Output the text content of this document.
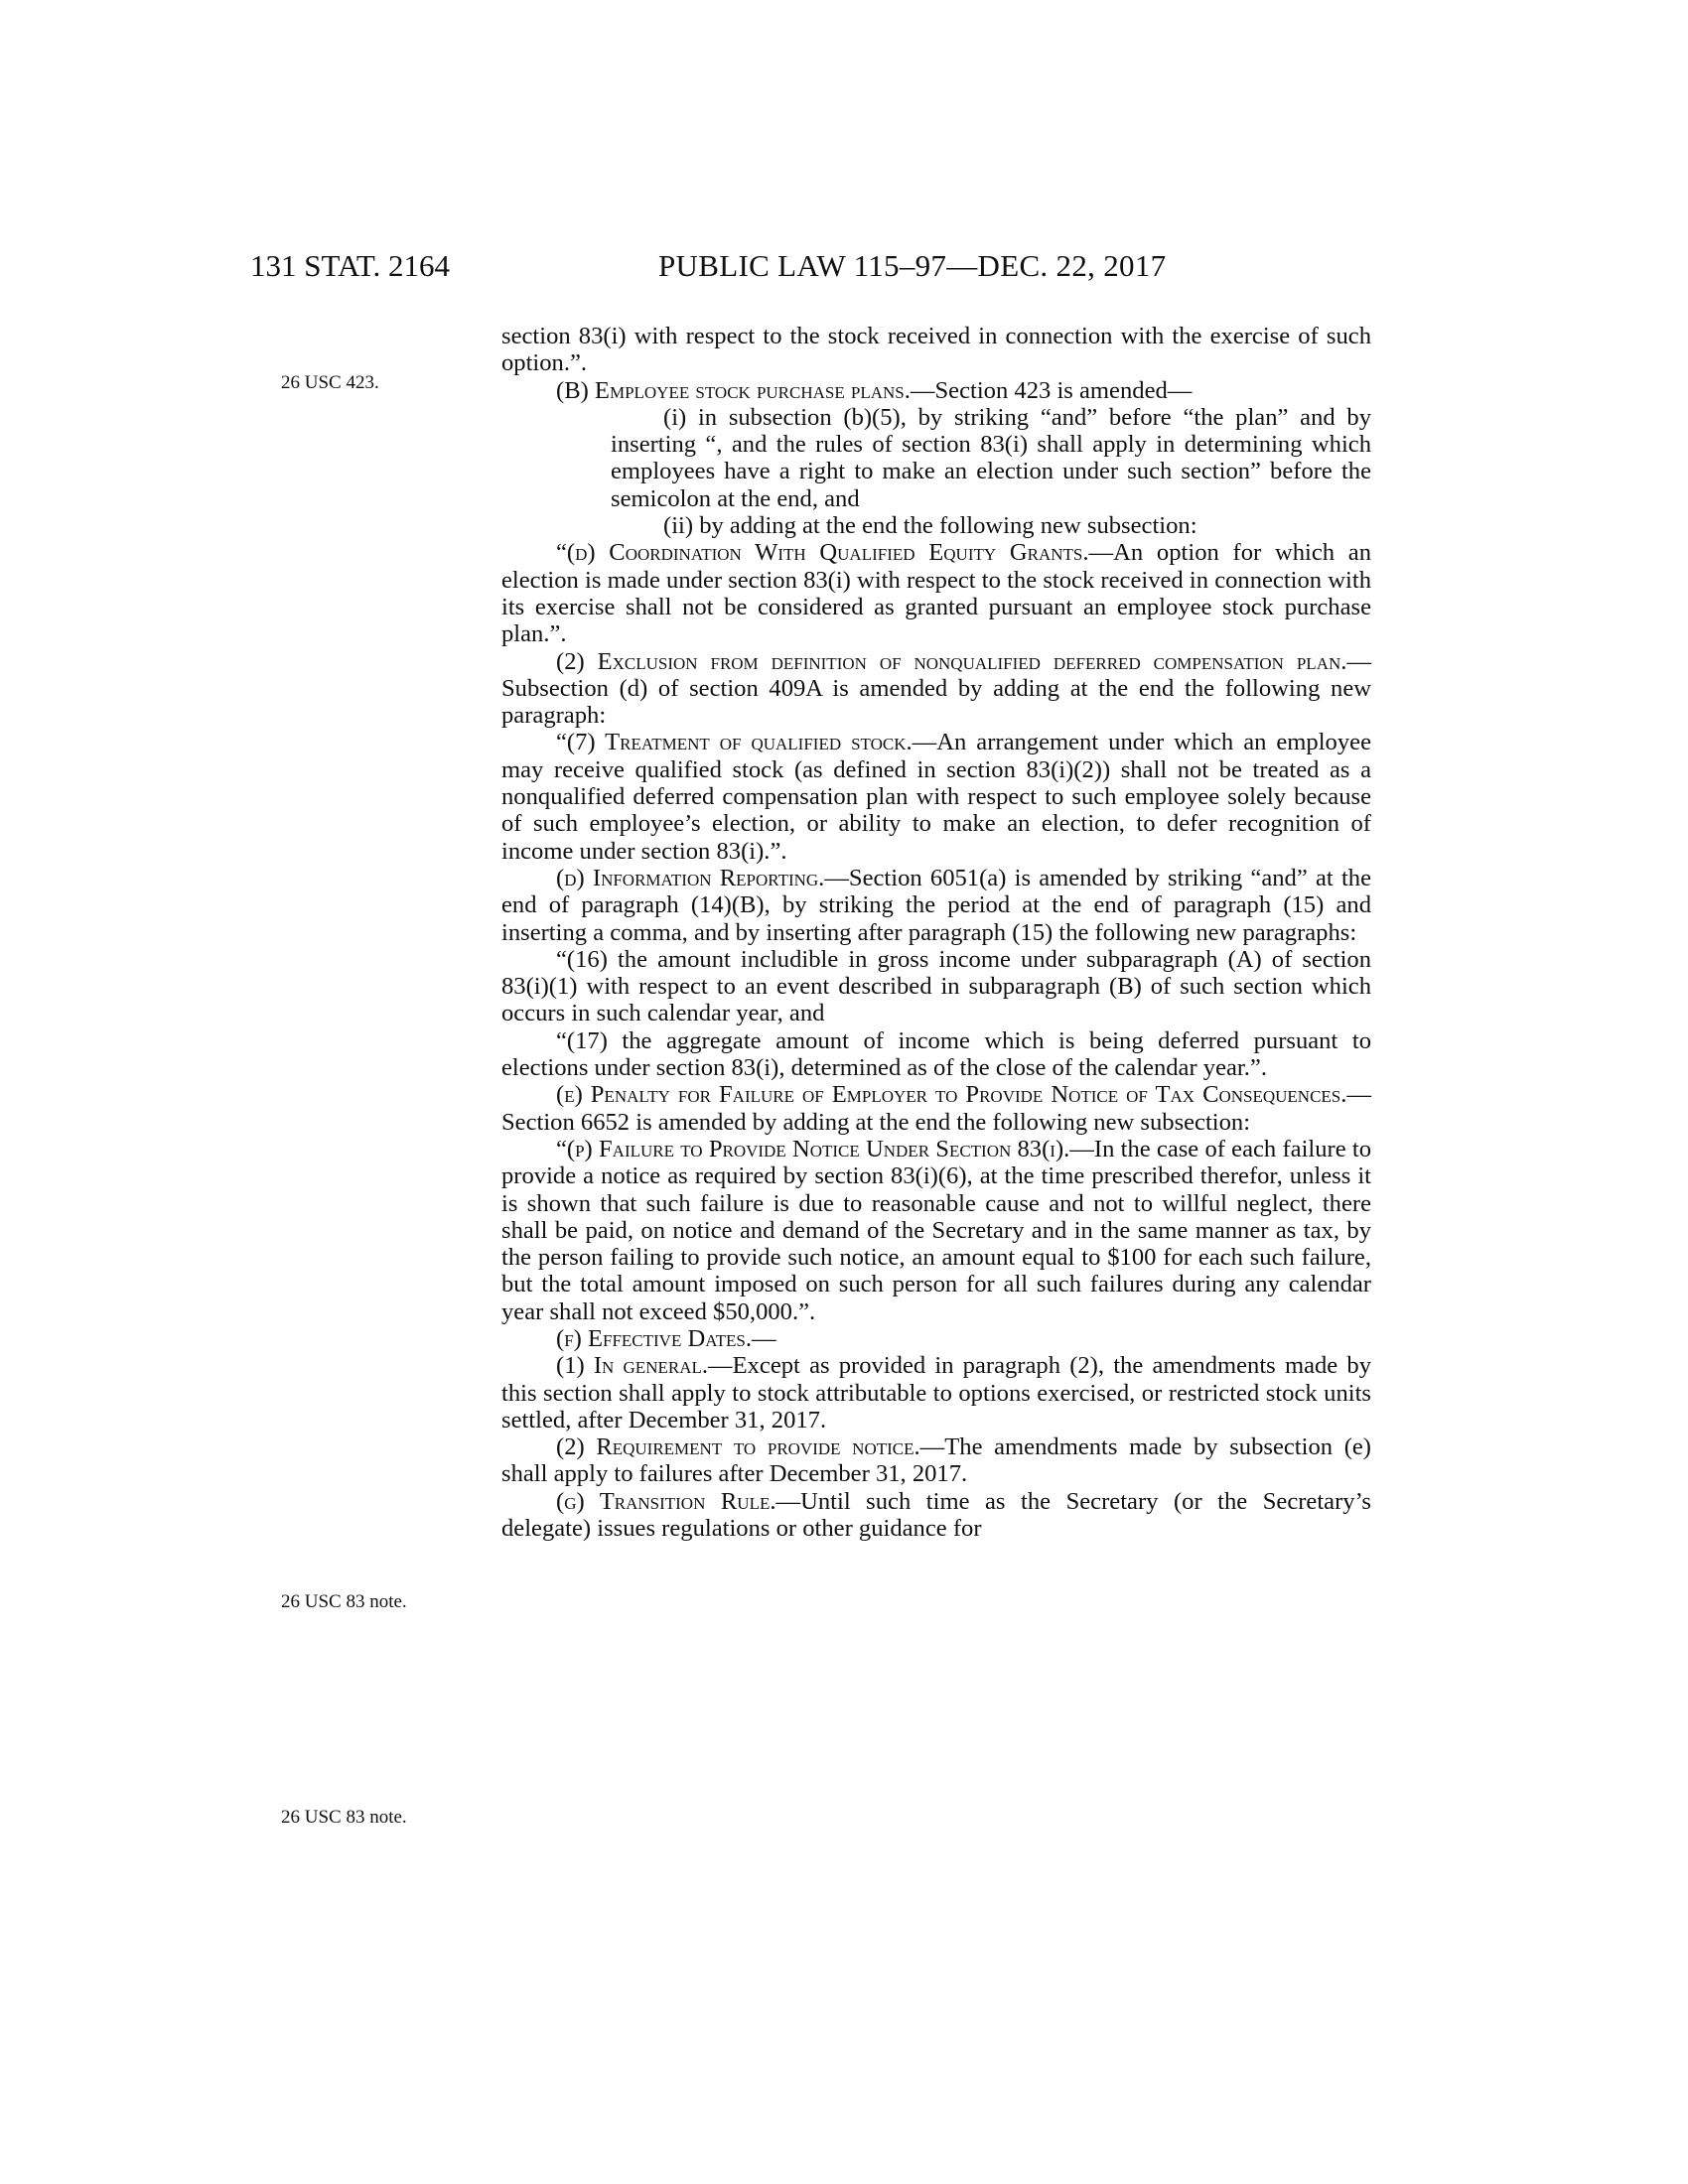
131 STAT. 2164	PUBLIC LAW 115–97—DEC. 22, 2017
26 USC 423.
26 USC 83 note.
26 USC 83 note.

section 83(i) with respect to the stock received in connection with the exercise of such option.”.

(B) Employee stock purchase plans.—Section 423 is amended—

(i) in subsection (b)(5), by striking “and” before “the plan” and by inserting “, and the rules of section 83(i) shall apply in determining which employees have a right to make an election under such section” before the semicolon at the end, and

(ii) by adding at the end the following new subsection:

“(d) Coordination With Qualified Equity Grants.—An option for which an election is made under section 83(i) with respect to the stock received in connection with its exercise shall not be considered as granted pursuant an employee stock purchase plan.”.

(2) Exclusion from definition of nonqualified deferred compensation plan.—Subsection (d) of section 409A is amended by adding at the end the following new paragraph:

“(7) Treatment of qualified stock.—An arrangement under which an employee may receive qualified stock (as defined in section 83(i)(2)) shall not be treated as a nonqualified deferred compensation plan with respect to such employee solely because of such employee’s election, or ability to make an election, to defer recognition of income under section 83(i).”.

(d) Information Reporting.—Section 6051(a) is amended by striking “and” at the end of paragraph (14)(B), by striking the period at the end of paragraph (15) and inserting a comma, and by inserting after paragraph (15) the following new paragraphs:

“(16) the amount includible in gross income under subparagraph (A) of section 83(i)(1) with respect to an event described in subparagraph (B) of such section which occurs in such calendar year, and

“(17) the aggregate amount of income which is being deferred pursuant to elections under section 83(i), determined as of the close of the calendar year.”.

(e) Penalty for Failure of Employer to Provide Notice of Tax Consequences.—Section 6652 is amended by adding at the end the following new subsection:

“(p) Failure to Provide Notice Under Section 83(i).—In the case of each failure to provide a notice as required by section 83(i)(6), at the time prescribed therefor, unless it is shown that such failure is due to reasonable cause and not to willful neglect, there shall be paid, on notice and demand of the Secretary and in the same manner as tax, by the person failing to provide such notice, an amount equal to $100 for each such failure, but the total amount imposed on such person for all such failures during any calendar year shall not exceed $50,000.”.

(f) Effective Dates.—

(1) In general.—Except as provided in paragraph (2), the amendments made by this section shall apply to stock attributable to options exercised, or restricted stock units settled, after December 31, 2017.

(2) Requirement to provide notice.—The amendments made by subsection (e) shall apply to failures after December 31, 2017.

(g) Transition Rule.—Until such time as the Secretary (or the Secretary’s delegate) issues regulations or other guidance for
